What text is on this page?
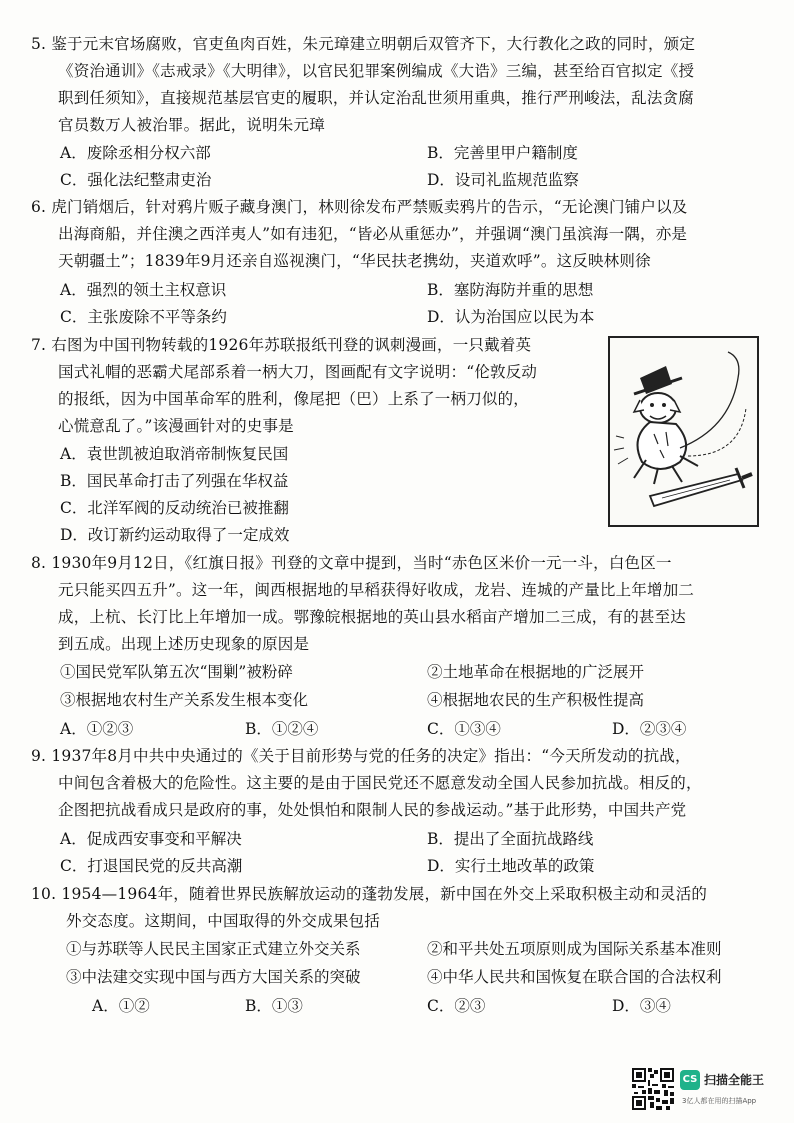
5. 鉴于元末官场腐败，官吏鱼肉百姓，朱元璋建立明朝后双管齐下，大行教化之政的同时，颁定
《资治通训》《志戒录》《大明律》，以官民犯罪案例编成《大诰》三编，甚至给百官拟定《授
职到任须知》，直接规范基层官吏的履职，并认定治乱世须用重典，推行严刑峻法，乱法贪腐
官员数万人被治罪。据此，说明朱元璋
A．废除丞相分权六部	B．完善里甲户籍制度
C．强化法纪整肃吏治	D．设司礼监规范监察
6. 虎门销烟后，针对鸦片贩子藏身澳门，林则徐发布严禁贩卖鸦片的告示，“无论澳门铺户以及
出海商船，并住澳之西洋夷人”如有违犯，“皆必从重惩办”，并强调“澳门虽滨海一隅，亦是
天朝疆土”；1839年9月还亲自巡视澳门，“华民扶老携幼，夹道欢呼”。这反映林则徐
A．强烈的领土主权意识	B．塞防海防并重的思想
C．主张废除不平等条约	D．认为治国应以民为本
7. 右图为中国刊物转载的1926年苏联报纸刊登的讽刺漫画，一只戴着英
国式礼帽的恶霸犬尾部系着一柄大刀，图画配有文字说明：“伦敦反动
的报纸，因为中国革命军的胜利，像尾把（巴）上系了一柄刀似的，
心慌意乱了。”该漫画针对的史事是
A．袁世凯被迫取消帝制恢复民国
B．国民革命打击了列强在华权益
C．北洋军阀的反动统治已被推翻
D．改订新约运动取得了一定成效
8. 1930年9月12日，《红旗日报》刊登的文章中提到，当时“赤色区米价一元一斗，白色区一
元只能买四五升”。这一年，闽西根据地的早稻获得好收成，龙岩、连城的产量比上年增加二
成，上杭、长汀比上年增加一成。鄂豫皖根据地的英山县水稻亩产增加二三成，有的甚至达
到五成。出现上述历史现象的原因是
①国民党军队第五次“围剿”被粉碎	②土地革命在根据地的广泛展开
③根据地农村生产关系发生根本变化	④根据地农民的生产积极性提高
A．①②③	B．①②④	C．①③④	D．②③④
9. 1937年8月中共中央通过的《关于目前形势与党的任务的决定》指出：“今天所发动的抗战，
中间包含着极大的危险性。这主要的是由于国民党还不愿意发动全国人民参加抗战。相反的，
企图把抗战看成只是政府的事，处处惧怕和限制人民的参战运动。”基于此形势，中国共产党
A．促成西安事变和平解决	B．提出了全面抗战路线
C．打退国民党的反共高潮	D．实行土地改革的政策
10. 1954—1964年，随着世界民族解放运动的蓬勃发展，新中国在外交上采取积极主动和灵活的
外交态度。这期间，中国取得的外交成果包括
①与苏联等人民民主国家正式建立外交关系	②和平共处五项原则成为国际关系基本准则
③中法建交实现中国与西方大国关系的突破	④中华人民共和国恢复在联合国的合法权利
A．①②	B．①③	C．②③	D．③④
CS 扫描全能王
3亿人都在用的扫描App
